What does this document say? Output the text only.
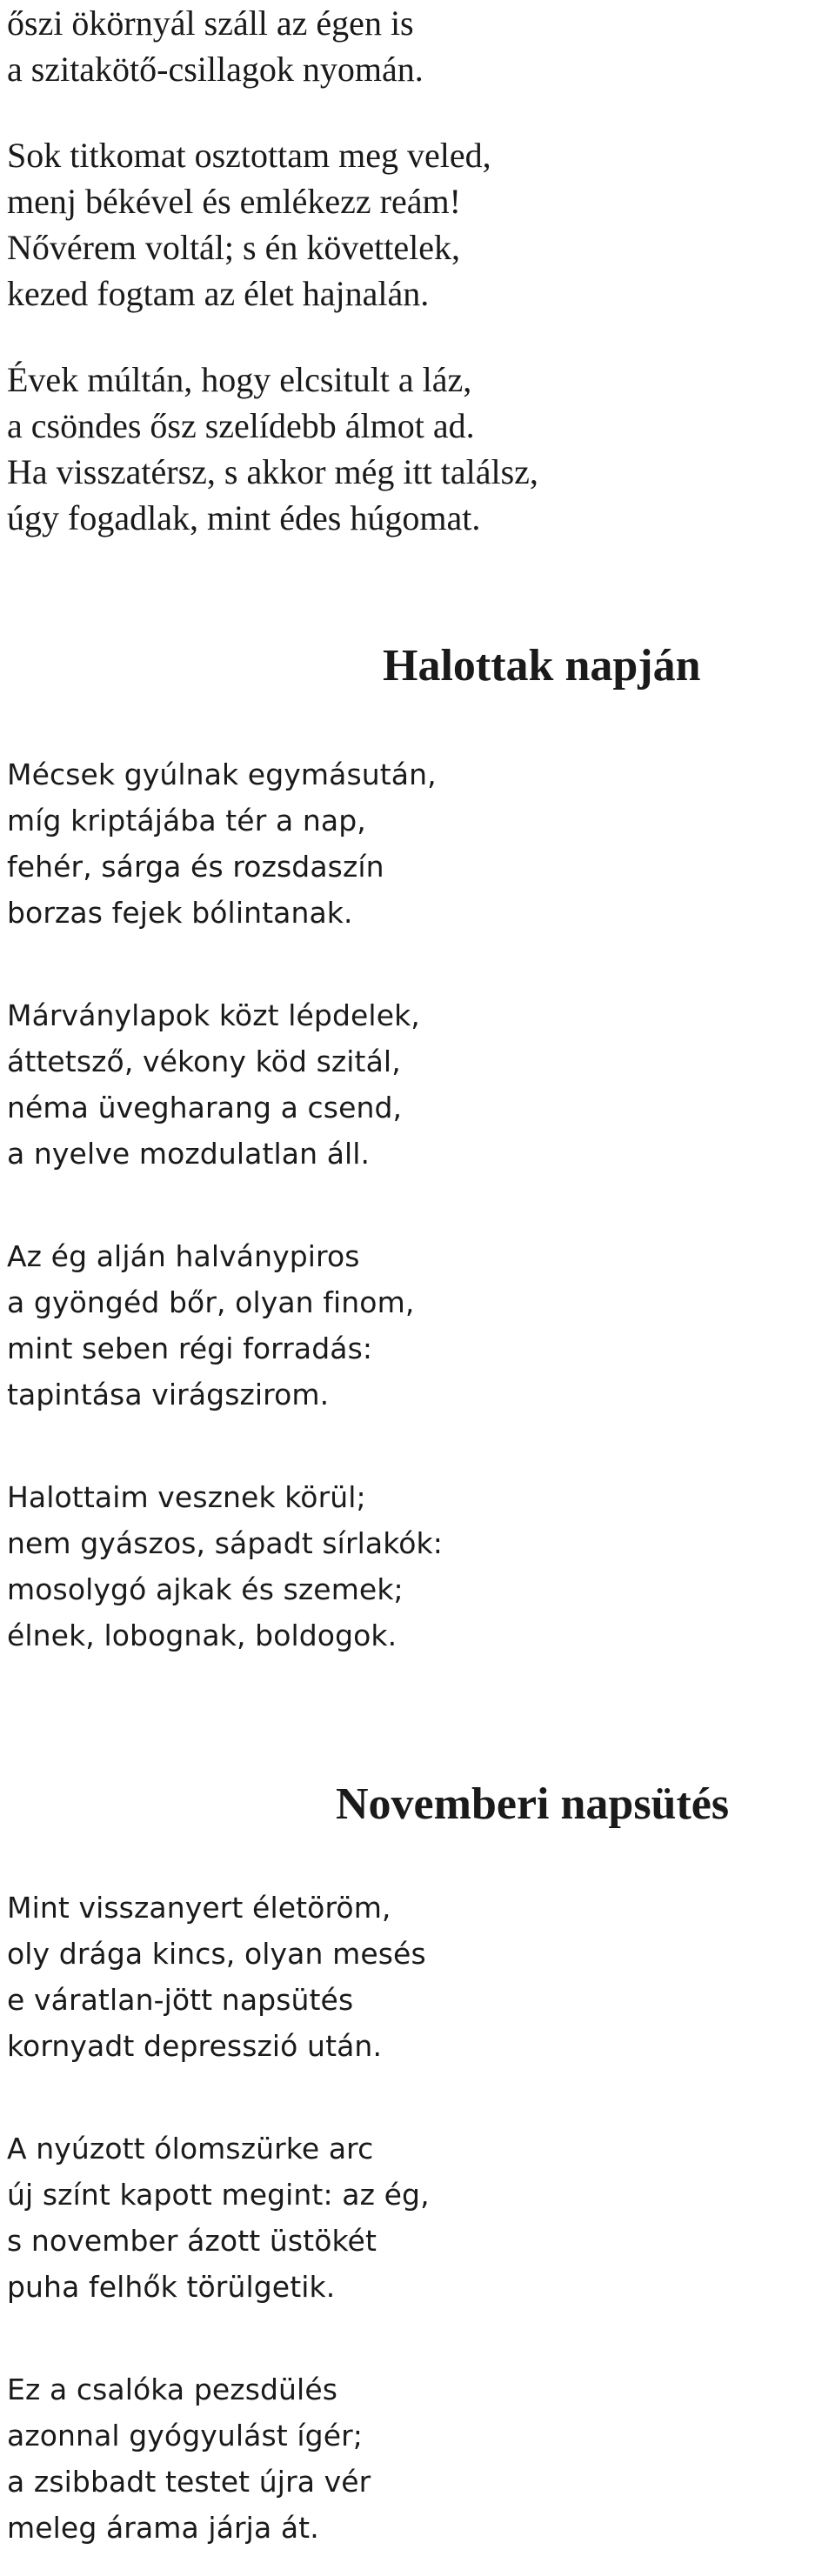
őszi ökörnyál száll az égen is
a szitakötő-csillagok nyomán.
Sok titkomat osztottam meg veled,
menj békével és emlékezz reám!
Nővérem voltál; s én követtelek,
kezed fogtam az élet hajnalán.
Évek múltán, hogy elcsitult a láz,
a csöndes ősz szelídebb álmot ad.
Ha visszatérsz, s akkor még itt találsz,
úgy fogadlak, mint édes húgomat.
Halottak napján
Mécsek gyúlnak egymásután,
míg kriptájába tér a nap,
fehér, sárga és rozsdaszín
borzas fejek bólintanak.
Márványlapok közt lépdelek,
áttetsző, vékony köd szitál,
néma üvegharang a csend,
a nyelve mozdulatlan áll.
Az ég alján halványpiros
a gyöngéd bőr, olyan finom,
mint seben régi forradás:
tapintása virágszirom.
Halottaim vesznek körül;
nem gyászos, sápadt sírlakók:
mosolygó ajkak és szemek;
élnek, lobognak, boldogok.
Novemberi napsütés
Mint visszanyert életöröm,
oly drága kincs, olyan mesés
e váratlan-jött napsütés
kornyadt depresszió után.
A nyúzott ólomszürke arc
új színt kapott megint: az ég,
s november ázott üstökét
puha felhők törülgetik.
Ez a csalóka pezsdülés
azonnal gyógyulást ígér;
a zsibbadt testet újra vér
meleg árama járja át.
